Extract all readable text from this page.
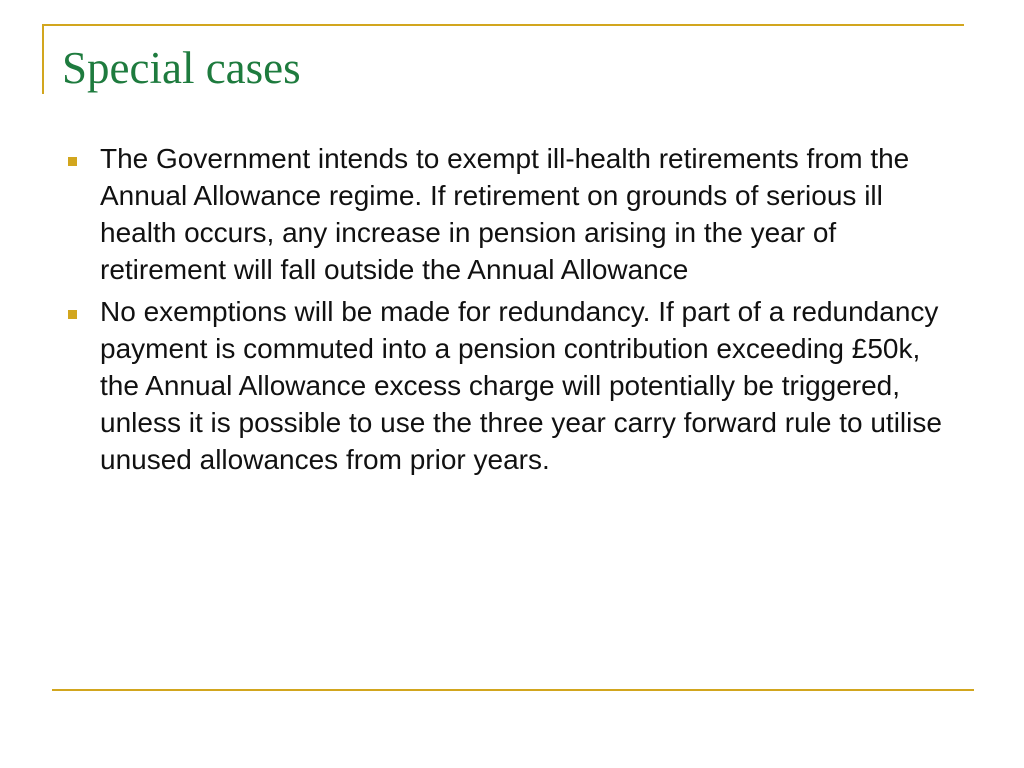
Special cases
The Government intends to exempt ill-health retirements from the Annual Allowance regime. If retirement on grounds of serious ill health occurs, any increase in pension arising in the year of retirement will fall outside the Annual Allowance
No exemptions will be made for redundancy. If part of a redundancy payment is commuted into a pension contribution exceeding £50k, the Annual Allowance excess charge will potentially be triggered, unless it is possible to use the three year carry forward rule to utilise unused allowances from prior years.
